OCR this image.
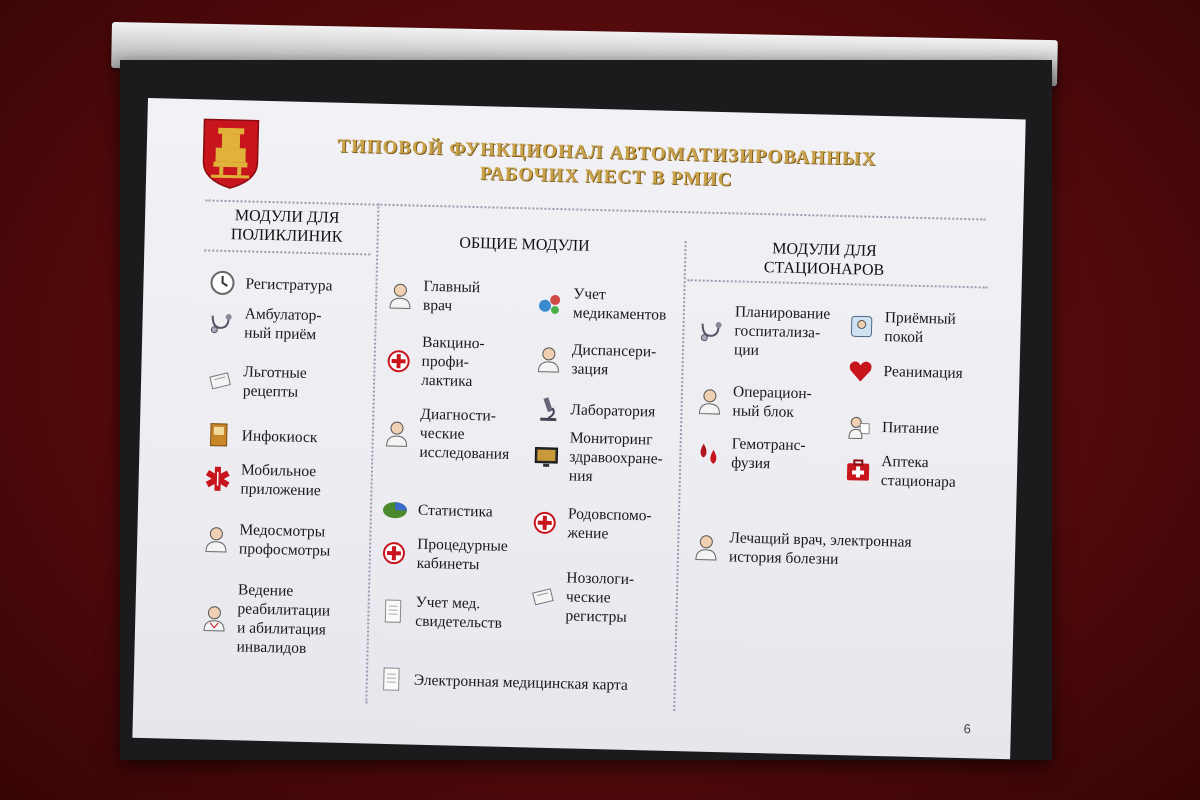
ТИПОВОЙ ФУНКЦИОНАЛ АВТОМАТИЗИРОВАННЫХ
РАБОЧИХ МЕСТ В РМИС
МОДУЛИ ДЛЯ
ПОЛИКЛИНИК	ОБЩИЕ МОДУЛИ	МОДУЛИ ДЛЯ
СТАЦИОНАРОВ
Регистратура
Амбулатор-
ный приём
Льготные
рецепты
Инфокиоск
Мобильное
приложение
Медосмотры
профосмотры
Ведение
реабилитации
и абилитация
инвалидов
Главный
врач
Вакцино-
профи-
лактика
Диагности-
ческие
исследования
Статистика
Процедурные
кабинеты
Учет мед.
свидетельств
Электронная медицинская карта
Учет
медикаментов
Диспансери-
зация
Лаборатория
Мониторинг
здравоохране-
ния
Родовспомо-
жение
Нозологи-
ческие
регистры
Планирование
госпитализа-
ции
Операцион-
ный блок
Гемотранс-
фузия
Лечащий врач, электронная
история болезни
Приёмный
покой
Реанимация
Питание
Аптека
стационара
6
